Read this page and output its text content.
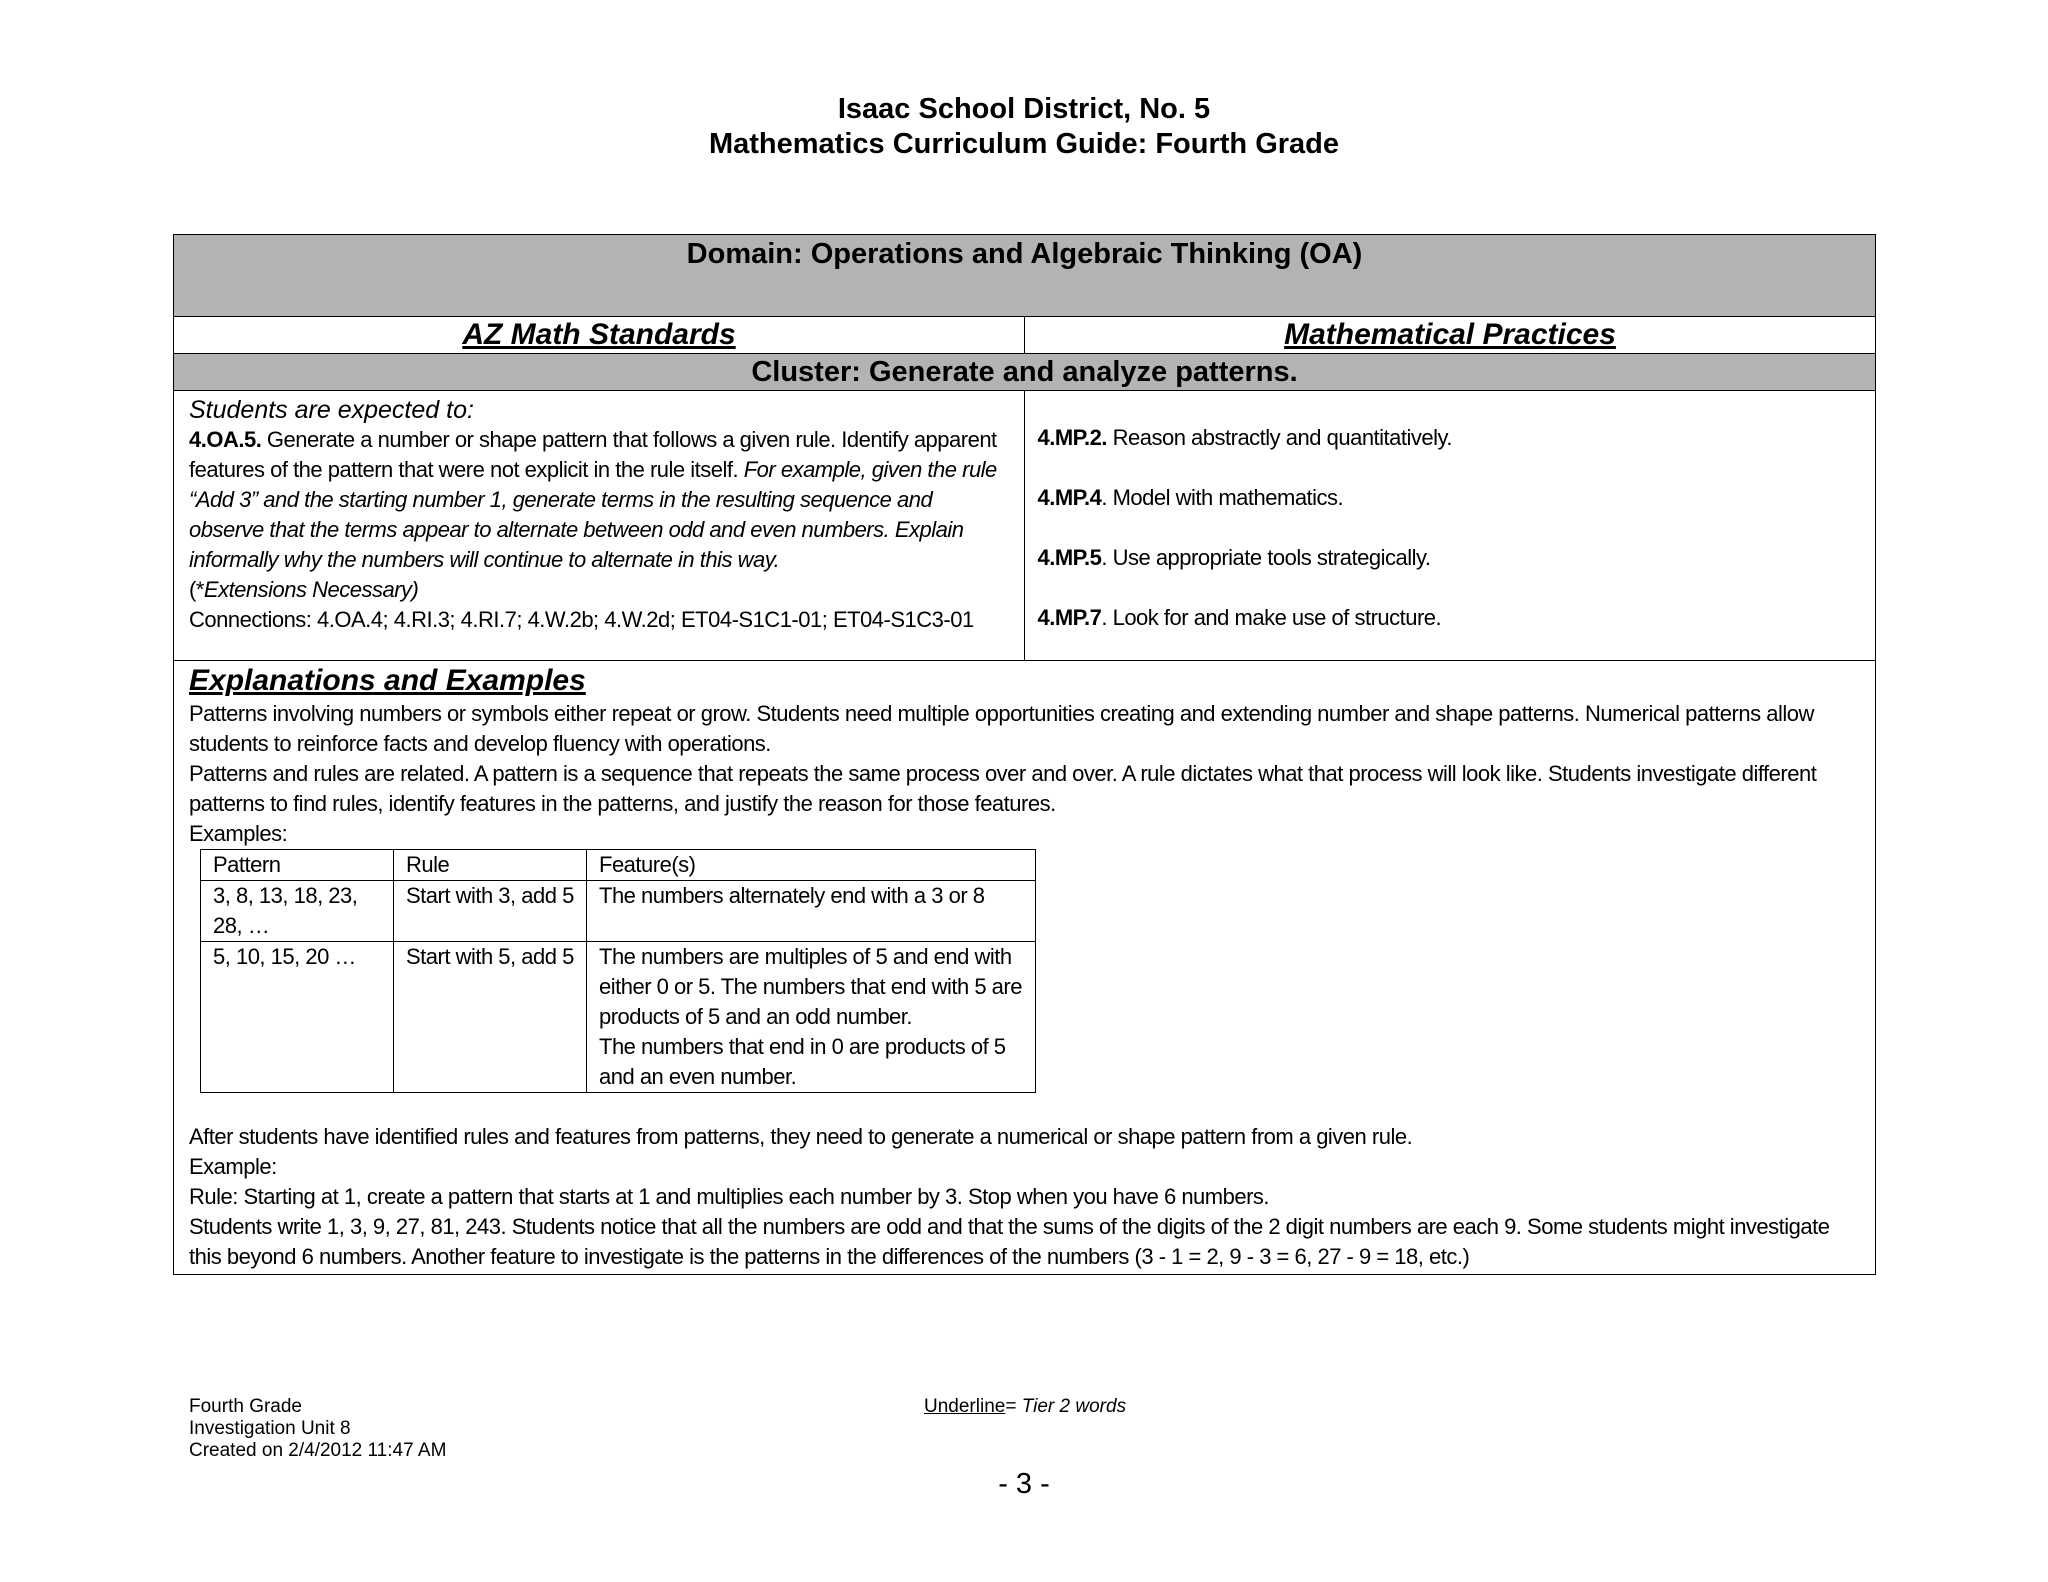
Isaac School District, No. 5
Mathematics Curriculum Guide: Fourth Grade
Domain: Operations and Algebraic Thinking (OA)
AZ Math Standards	Mathematical Practices
Cluster: Generate and analyze patterns.
Students are expected to:
4.OA.5. Generate a number or shape pattern that follows a given rule. Identify apparent features of the pattern that were not explicit in the rule itself. For example, given the rule “Add 3” and the starting number 1, generate terms in the resulting sequence and observe that the terms appear to alternate between odd and even numbers. Explain informally why the numbers will continue to alternate in this way.
(*Extensions Necessary)
Connections: 4.OA.4; 4.RI.3; 4.RI.7; 4.W.2b; 4.W.2d; ET04-S1C1-01; ET04-S1C3-01
4.MP.2. Reason abstractly and quantitatively.
4.MP.4. Model with mathematics.
4.MP.5. Use appropriate tools strategically.
4.MP.7. Look for and make use of structure.
Explanations and Examples

Patterns involving numbers or symbols either repeat or grow. Students need multiple opportunities creating and extending number and shape patterns. Numerical patterns allow students to reinforce facts and develop fluency with operations.

Patterns and rules are related. A pattern is a sequence that repeats the same process over and over. A rule dictates what that process will look like. Students investigate different patterns to find rules, identify features in the patterns, and justify the reason for those features.

Examples:

Pattern	Rule	Feature(s)
3, 8, 13, 18, 23, 28, …	Start with 3, add 5	The numbers alternately end with a 3 or 8
5, 10, 15, 20 …	Start with 5, add 5	The numbers are multiples of 5 and end with either 0 or 5. The numbers that end with 5 are products of 5 and an odd number.
The numbers that end in 0 are products of 5 and an even number.

After students have identified rules and features from patterns, they need to generate a numerical or shape pattern from a given rule.

Example:

Rule: Starting at 1, create a pattern that starts at 1 and multiplies each number by 3. Stop when you have 6 numbers.

Students write 1, 3, 9, 27, 81, 243. Students notice that all the numbers are odd and that the sums of the digits of the 2 digit numbers are each 9. Some students might investigate this beyond 6 numbers. Another feature to investigate is the patterns in the differences of the numbers (3 - 1 = 2, 9 - 3 = 6, 27 - 9 = 18, etc.)

Fourth Grade
Investigation Unit 8
Created on 2/4/2012 11:47 AM
Underline= Tier 2 words
- 3 -
